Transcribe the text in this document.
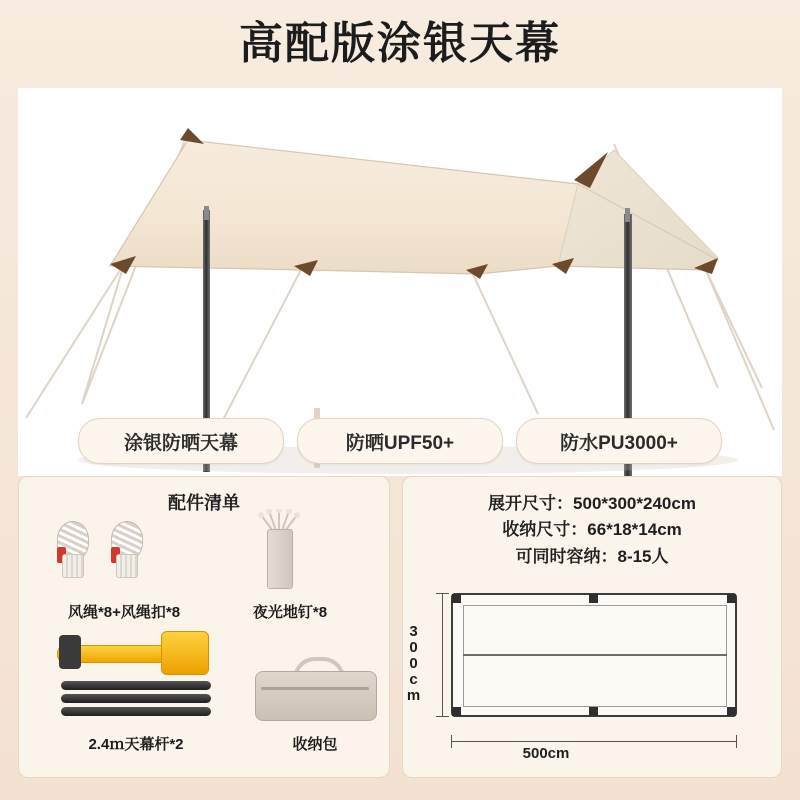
高配版涂银天幕
涂银防晒天幕	防晒UPF50+	防水PU3000+
配件清单
风绳*8+风绳扣*8	夜光地钉*8
2.4ｍ天幕杆*2	收纳包
展开尺寸：500*300*240cm
收纳尺寸：66*18*14cm
可同时容纳：8-15人
300cm
500cm
